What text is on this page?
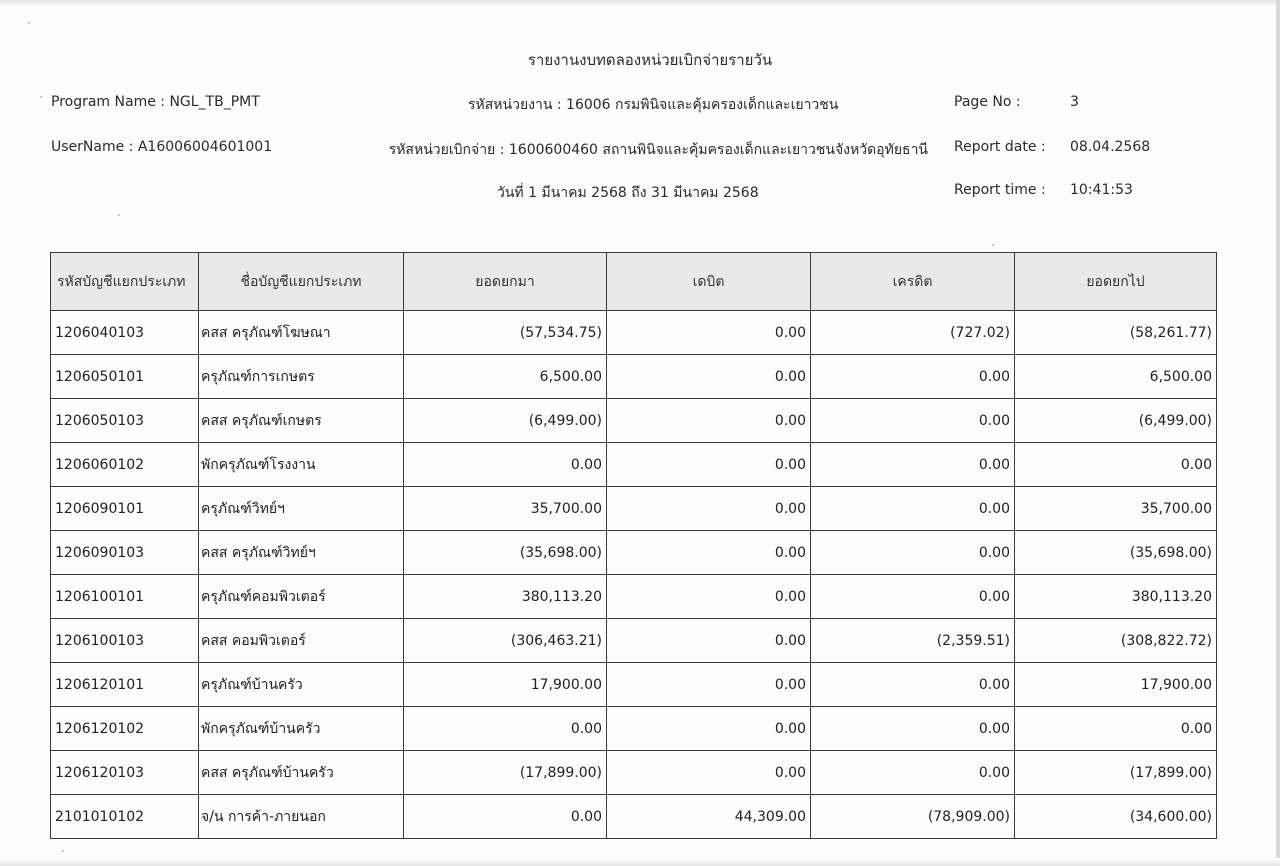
รายงานงบทดลองหน่วยเบิกจ่ายรายวัน
Program Name : NGL_TB_PMT
UserName : A16006004601001
รหัสหน่วยงาน : 16006 กรมพินิจและคุ้มครองเด็กและเยาวชน
รหัสหน่วยเบิกจ่าย : 1600600460 สถานพินิจและคุ้มครองเด็กและเยาวชนจังหวัดอุทัยธานี
วันที่ 1 มีนาคม 2568 ถึง 31 มีนาคม 2568
Page No :	3
Report date : 08.04.2568
Report time : 10:41:53
รหัสบัญชีแยกประเภท	ชื่อบัญชีแยกประเภท	ยอดยกมา	เดบิต	เครดิต	ยอดยกไป
1206040103	คสส ครุภัณฑ์โฆษณา	(57,534.75)	0.00	(727.02)	(58,261.77)
1206050101	ครุภัณฑ์การเกษตร	6,500.00	0.00	0.00	6,500.00
1206050103	คสส ครุภัณฑ์เกษตร	(6,499.00)	0.00	0.00	(6,499.00)
1206060102	พักครุภัณฑ์โรงงาน	0.00	0.00	0.00	0.00
1206090101	ครุภัณฑ์วิทย์ฯ	35,700.00	0.00	0.00	35,700.00
1206090103	คสส ครุภัณฑ์วิทย์ฯ	(35,698.00)	0.00	0.00	(35,698.00)
1206100101	ครุภัณฑ์คอมพิวเตอร์	380,113.20	0.00	0.00	380,113.20
1206100103	คสส คอมพิวเตอร์	(306,463.21)	0.00	(2,359.51)	(308,822.72)
1206120101	ครุภัณฑ์บ้านครัว	17,900.00	0.00	0.00	17,900.00
1206120102	พักครุภัณฑ์บ้านครัว	0.00	0.00	0.00	0.00
1206120103	คสส ครุภัณฑ์บ้านครัว	(17,899.00)	0.00	0.00	(17,899.00)
2101010102	จ/น การค้า-ภายนอก	0.00	44,309.00	(78,909.00)	(34,600.00)
